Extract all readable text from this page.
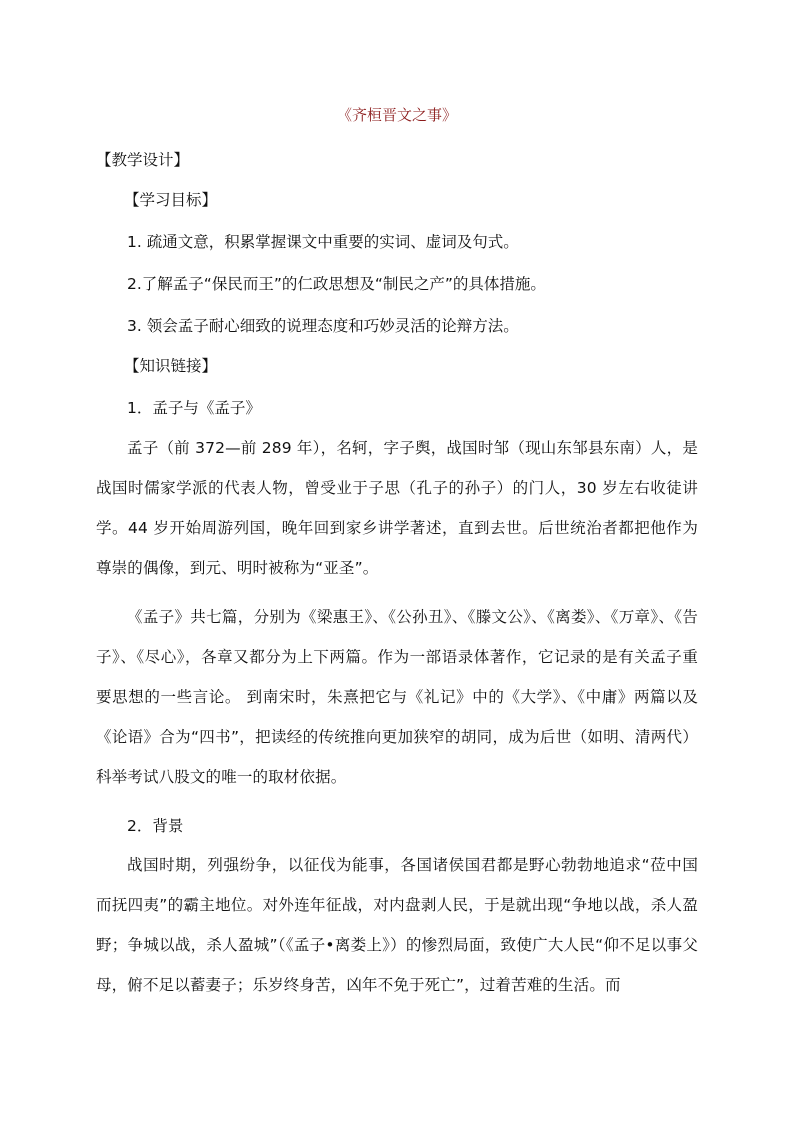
《齐桓晋文之事》
【教学设计】
【学习目标】
1. 疏通文意，积累掌握课文中重要的实词、虚词及句式。
2.了解孟子“保民而王”的仁政思想及“制民之产”的具体措施。
3. 领会孟子耐心细致的说理态度和巧妙灵活的论辩方法。
【知识链接】
1．孟子与《孟子》
孟子（前 372—前 289 年），名轲，字子舆，战国时邹（现山东邹县东南）人，是战国时儒家学派的代表人物，曾受业于子思（孔子的孙子）的门人，30 岁左右收徒讲学。44 岁开始周游列国，晚年回到家乡讲学著述，直到去世。后世统治者都把他作为尊崇的偶像，到元、明时被称为“亚圣”。
《孟子》共七篇，分别为《梁惠王》、《公孙丑》、《滕文公》、《离娄》、《万章》、《告子》、《尽心》，各章又都分为上下两篇。作为一部语录体著作，它记录的是有关孟子重要思想的一些言论。 到南宋时，朱熹把它与《礼记》中的《大学》、《中庸》两篇以及《论语》合为“四书”，把读经的传统推向更加狭窄的胡同，成为后世（如明、清两代）科举考试八股文的唯一的取材依据。
2．背景
战国时期，列强纷争，以征伐为能事，各国诸侯国君都是野心勃勃地追求“莅中国而抚四夷”的霸主地位。对外连年征战，对内盘剥人民，于是就出现“争地以战，杀人盈野；争城以战，杀人盈城”（《孟子•离娄上》）的惨烈局面，致使广大人民“仰不足以事父母，俯不足以蓄妻子；乐岁终身苦，凶年不免于死亡”，过着苦难的生活。而
